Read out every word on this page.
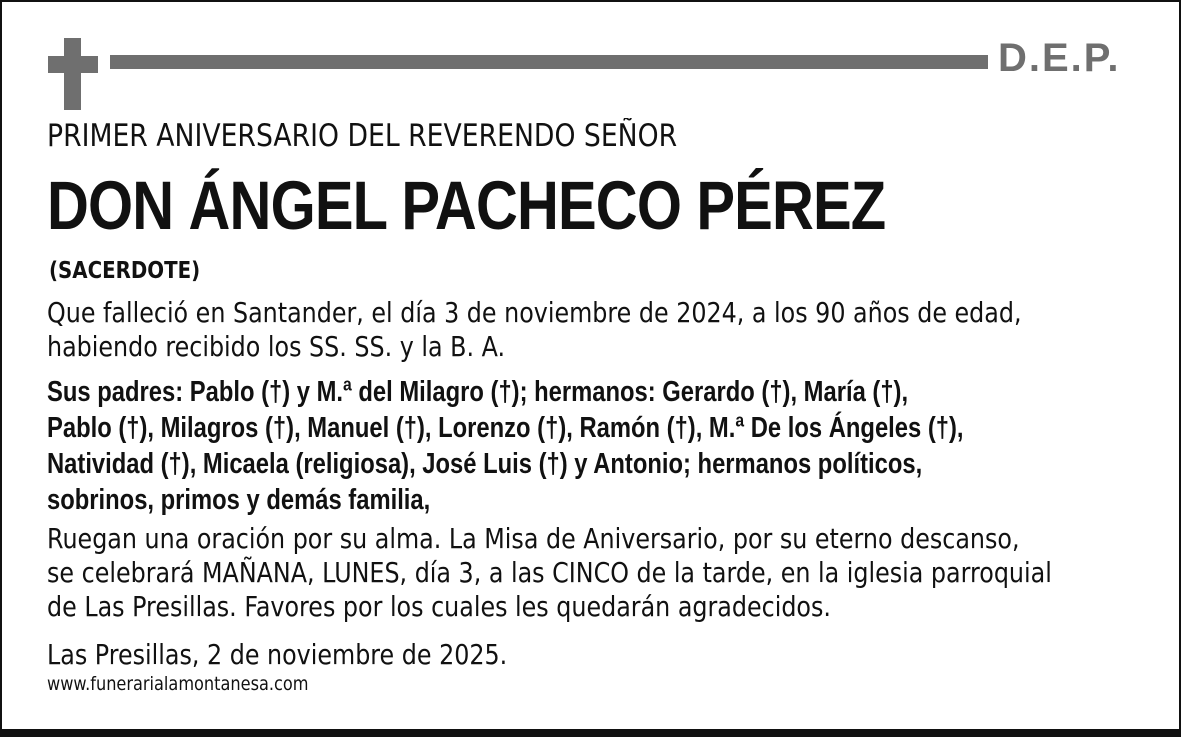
D.E.P.
PRIMER ANIVERSARIO DEL REVERENDO SEÑOR
DON ÁNGEL PACHECO PÉREZ
(SACERDOTE)
Que falleció en Santander, el día 3 de noviembre de 2024, a los 90 años de edad,
habiendo recibido los SS. SS. y la B. A.
Sus padres: Pablo (†) y M.ª del Milagro (†); hermanos: Gerardo (†), María (†),
Pablo (†), Milagros (†), Manuel (†), Lorenzo (†), Ramón (†), M.ª De los Ángeles (†),
Natividad (†), Micaela (religiosa), José Luis (†) y Antonio; hermanos políticos,
sobrinos, primos y demás familia,
Ruegan una oración por su alma. La Misa de Aniversario, por su eterno descanso,
se celebrará MAÑANA, LUNES, día 3, a las CINCO de la tarde, en la iglesia parroquial
de Las Presillas. Favores por los cuales les quedarán agradecidos.
Las Presillas, 2 de noviembre de 2025.
www.funerarialamontanesa.com
